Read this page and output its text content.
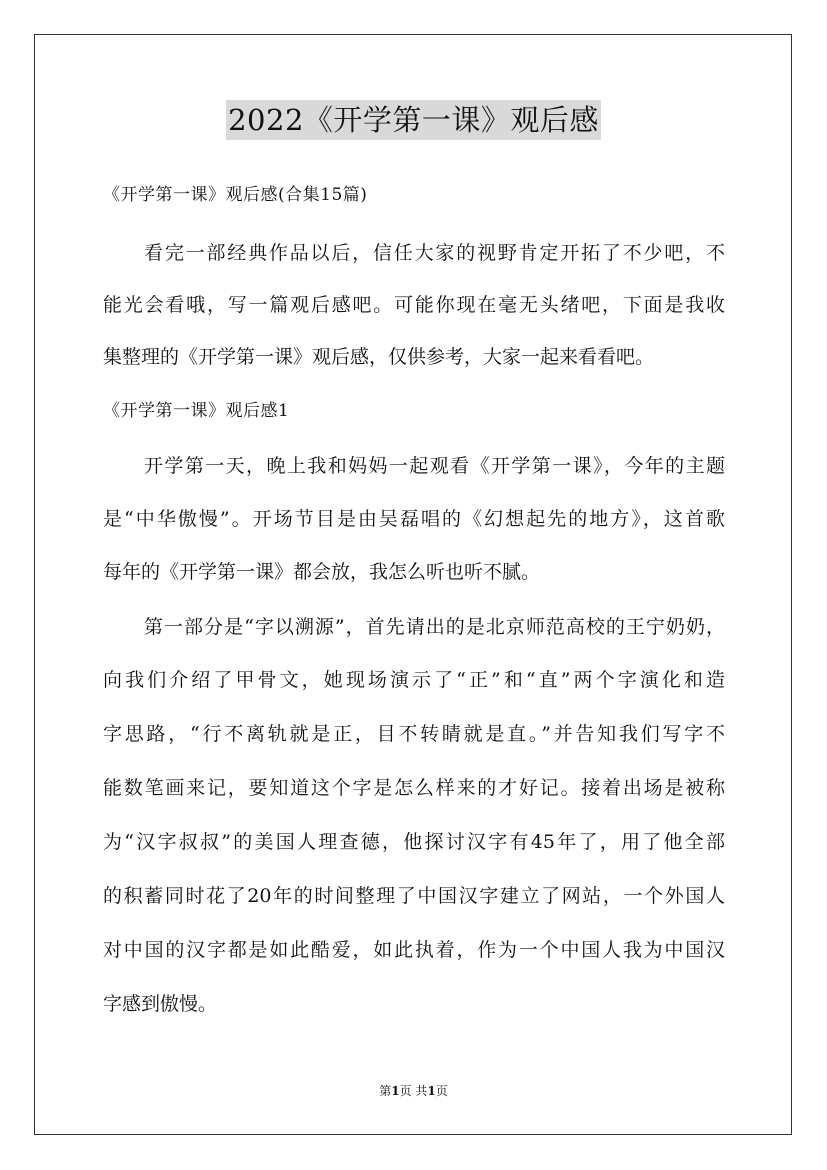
2022《开学第一课》观后感
《开学第一课》观后感(合集15篇)
看完一部经典作品以后，信任大家的视野肯定开拓了不少吧，不
能光会看哦，写一篇观后感吧。可能你现在毫无头绪吧，下面是我收
集整理的《开学第一课》观后感，仅供参考，大家一起来看看吧。
《开学第一课》观后感1
开学第一天，晚上我和妈妈一起观看《开学第一课》，今年的主题
是“中华傲慢”。开场节目是由吴磊唱的《幻想起先的地方》，这首歌
每年的《开学第一课》都会放，我怎么听也听不腻。
第一部分是“字以溯源”，首先请出的是北京师范高校的王宁奶奶，
向我们介绍了甲骨文，她现场演示了“正”和“直”两个字演化和造
字思路，“行不离轨就是正，目不转睛就是直。”并告知我们写字不
能数笔画来记，要知道这个字是怎么样来的才好记。接着出场是被称
为“汉字叔叔”的美国人理查德，他探讨汉字有45年了，用了他全部
的积蓄同时花了20年的时间整理了中国汉字建立了网站，一个外国人
对中国的汉字都是如此酷爱，如此执着，作为一个中国人我为中国汉
字感到傲慢。
第1页 共1页
